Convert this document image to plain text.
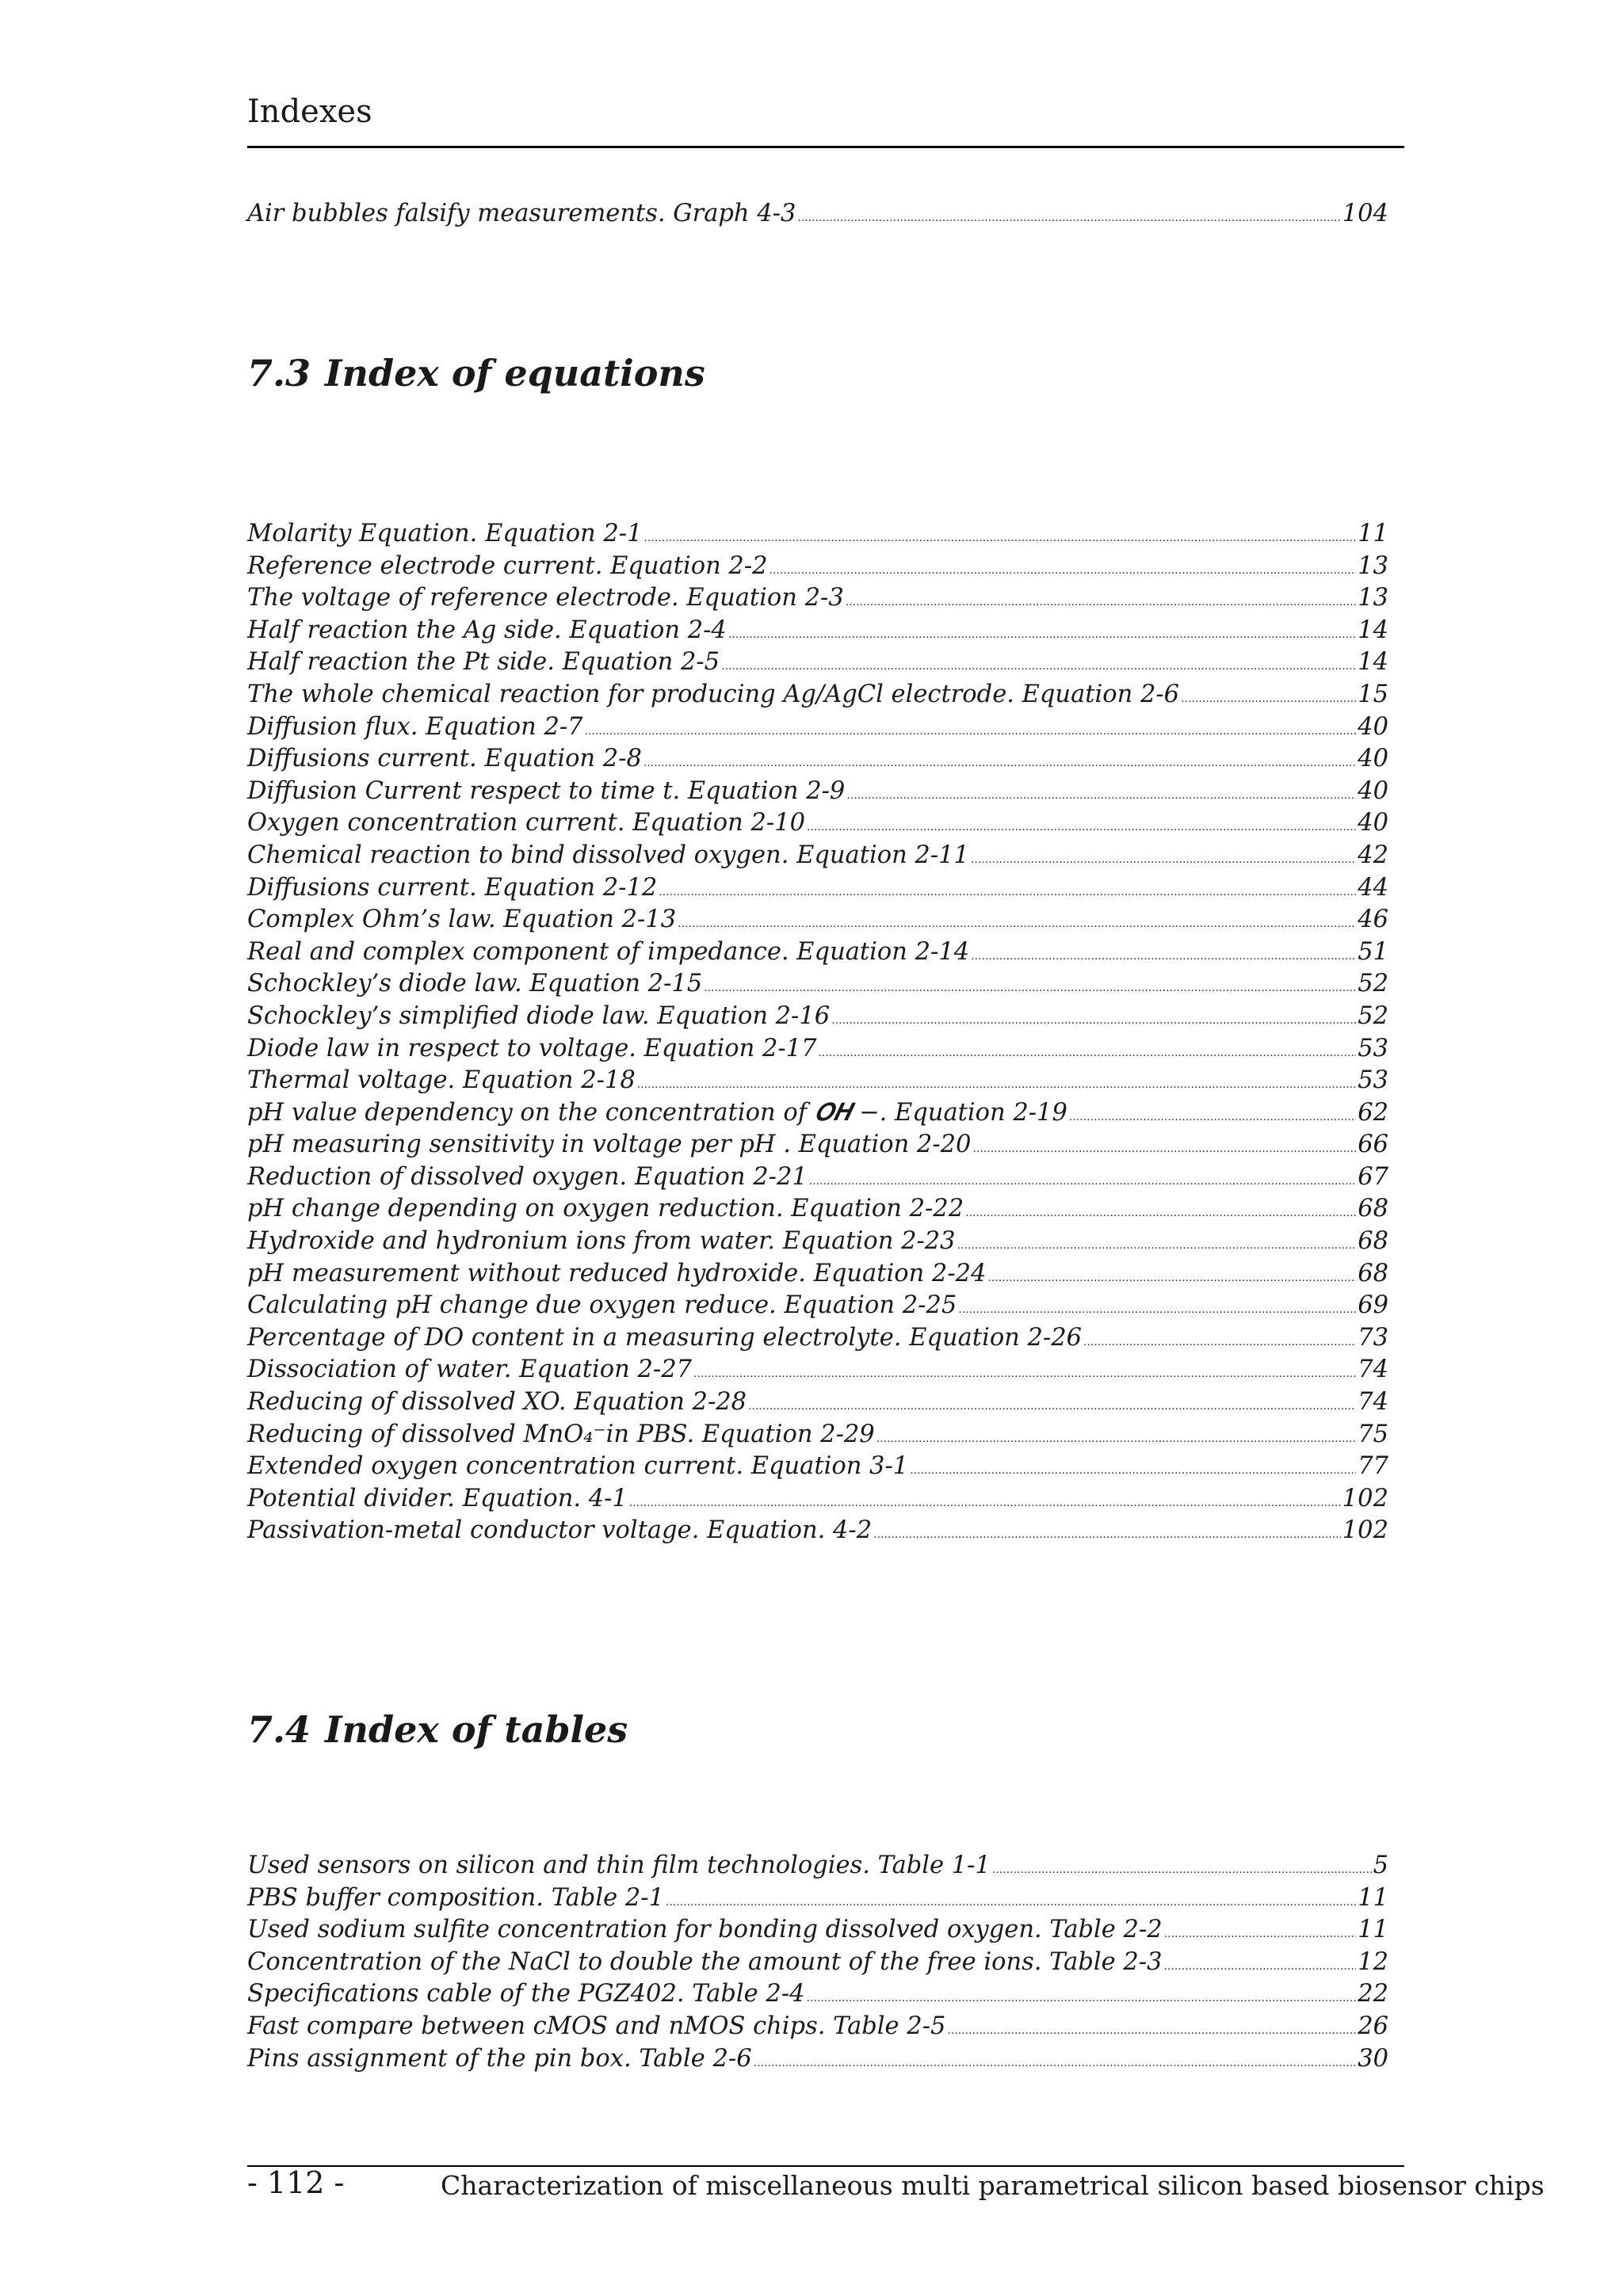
Indexes
Air bubbles falsify measurements. Graph 4-3 .....	104
7.3 Index of equations
Molarity Equation. Equation 2-1 .....	11
Reference electrode current. Equation 2-2 .....	13
The voltage of reference electrode. Equation 2-3 .....	13
Half reaction the Ag side. Equation 2-4 .....	14
Half reaction the Pt side. Equation 2-5 .....	14
The whole chemical reaction for producing Ag/AgCl electrode. Equation 2-6 .....	15
Diffusion flux. Equation 2-7 .....	40
Diffusions current. Equation 2-8 .....	40
Diffusion Current respect to time t. Equation 2-9 .....	40
Oxygen concentration current. Equation 2-10 .....	40
Chemical reaction to bind dissolved oxygen. Equation 2-11 .....	42
Diffusions current. Equation 2-12 .....	44
Complex Ohm’s law. Equation 2-13 .....	46
Real and complex component of impedance. Equation 2-14 .....	51
Schockley’s diode law. Equation 2-15 .....	52
Schockley’s simplified diode law. Equation 2-16 .....	52
Diode law in respect to voltage. Equation 2-17 .....	53
Thermal voltage. Equation 2-18 .....	53
pH value dependency on the concentration of 𝑶𝑯 −. Equation 2-19 .....	62
pH measuring sensitivity in voltage per pH . Equation 2-20 .....	66
Reduction of dissolved oxygen. Equation 2-21 .....	67
pH change depending on oxygen reduction. Equation 2-22 .....	68
Hydroxide and hydronium ions from water. Equation 2-23 .....	68
pH measurement without reduced hydroxide. Equation 2-24 .....	68
Calculating pH change due oxygen reduce. Equation 2-25 .....	69
Percentage of DO content in a measuring electrolyte. Equation 2-26 .....	73
Dissociation of water. Equation 2-27 .....	74
Reducing of dissolved XO. Equation 2-28 .....	74
Reducing of dissolved MnO₄⁻in PBS. Equation 2-29 .....	75
Extended oxygen concentration current. Equation 3-1 .....	77
Potential divider. Equation. 4-1 .....	102
Passivation-metal conductor voltage. Equation. 4-2 .....	102
7.4 Index of tables
Used sensors on silicon and thin film technologies. Table 1-1 .....	5
PBS buffer composition. Table 2-1 .....	11
Used sodium sulfite concentration for bonding dissolved oxygen. Table 2-2 .....	11
Concentration of the NaCl to double the amount of the free ions. Table 2-3 .....	12
Specifications cable of the PGZ402. Table 2-4 .....	22
Fast compare between cMOS and nMOS chips. Table 2-5 .....	26
Pins assignment of the pin box. Table 2-6 .....	30
- 112 -	Characterization of miscellaneous multi parametrical silicon based biosensor chips
